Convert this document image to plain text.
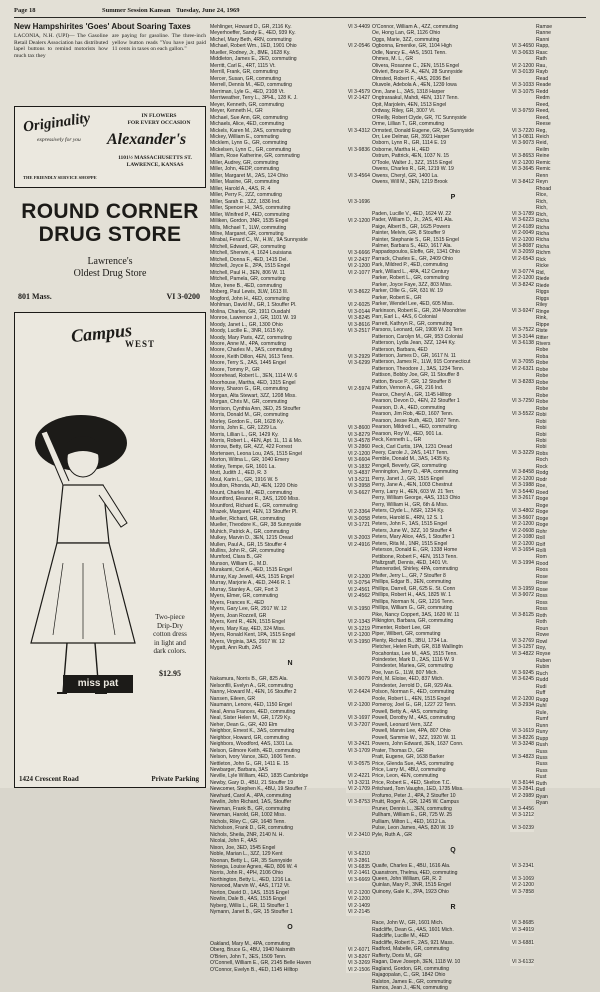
Page 18	Summer Session Kansan Tuesday, June 24, 1969
New Hampshirites 'Goes' About Soaring Taxes
LACONIA, N.H. (UPI)— The Gasoline Retail Dealers Association has distributed lapel buttons to remind motorists how much tax they
are paying for gasoline. The three-inch yellow button reads "You have just paid 11 cents in taxes on each gallon."
Originality	IN FLOWERS
FOR EVERY OCCASION
expressively for you Alexander's
1101½ MASSACHUSETTS ST.
LAWRENCE, KANSAS
THE FRIENDLY SERVICE SHOPPE
ROUND CORNER
DRUG STORE
Lawrence's
Oldest Drug Store
801 Mass.	VI 3-0200
Campus
WEST
Two-piece
Drip-Dry
cotton dress
in light and
dark colors.
miss pat
$12.95
1424 Crescent Road	Private Parking
Mehlinger, Howard D., GR, 2116 Ky.	VI 3-4409
Meyerhoeffer, Sandy E., 4ED, 939 Ky.
Michel, Mary Beth, 4RN, commuting
Michael, Robert Wm., 1ED, 1901 Ohio	VI 2-0546
Mueller, Rodney, Jr., 8ME, 1628 Ky.
Middleton, James E., 2ED, commuting
Merritt, Carl E., 4RT, 1115 Vt.
Merrill, Frank, GR, commuting
Mercer, Susan, GR, commuting
Merrell, Dennis M., 4ED, commuting
Merriman, Lyle G., 4ED, 2108 Vt.	VI 3-4579
Merriweather, Terry L., 3PHL, 128 K. J.	VI 2-1427
Meyer, Kenneth, GR, commuting
Meyer, Kenneth H., GR
Michael, Sue Ann, GR, commuting
Michaels, Alice, 4ED, commuting
Mickels, Karen M., 2AS, commuting	VI 3-4312
Mickey, William E., commuting
Micklem, Lynn G., GR, commuting
Mickelsen, Lynn C., GR, commuting	VI 3-9836
Milam, Rose Katherine, GR, commuting
Miller, Audrey, GR, commuting
Miller, John, 4EDP, commuting
Miller, Margaret M., 2AS, 124 Ohio	VI 3-4564
Miller, Maxine, GR, commuting
Miller, Harold A., 4AS, R. 4
Miller, Perry F., 2ZZ, commuting
Miller, Sarah E., 3ZZ, 1836 Ind.	VI 3-1696
Miller, Spencer H., 3AS, commuting
Miller, Winifred P., 4ED, commuting
Milliken, Gordon, 3NR, 1535 Engel	VI 2-1200
Mills, Michael T., 1LW, commuting
Milne, Margaret, GR, commuting
Mirabal, Ferard C., W., H.W., 9A Sunnyside
Mitchell, Edward, GR, commuting
Mitchell, Sherwin, 4, 1624 Louisiana	VI 3-6666
Mitchell, Donna F., 4ED, 1415 Del.	VI 2-2437
Mitchell, Joyce E., 2PA, 1515 Engel	VI 2-1200
Mitchell, Paul H., 3EN, 806 W. 11	VI 2-1077
Mitchell, Pamela, GR, commuting
Mize, Irene B., 4ED, commuting
Moberg, Paul Lewis, 3LW, 1613 Ill.	VI 3-8622
Mogford, John H., 4ED, commuting
Mohlman, David M., GR, 1 Stouffer Pl.	VI 2-6025
Molina, Charles, GR, 1911 Ousdahl	VI 3-0144
Monroe, Lawrence J., GR, 1101 W. 19	VI 3-8245
Moody, Janet L., GR, 1300 Ohio	VI 3-8616
Moody, Lucille E., 3NR, 1615 Ky.	VI 3-2517
Moody, Mary Paris, 4ZZ, commuting
Moore, Anne M., 4PA, commuting
Moore, Charles M., 3AS, commuting
Moore, Keith Dillon, 4EN, 1613 Tenn.	VI 3-2929
Moore, Terry S., 2AS, 1445 Engel	VI 3-6299
Moore, Tommy P., GR
Moorehead, Robert L., 3EN, 1114 W. 6
Moorhouse, Martha, 4ED, 1315 Engel
Morey, Sharon G., GR, commuting	VI 2-5974
Morgan, Alta Stewart, 3ZZ, 1208 Miss.
Morgan, Chris M., GR, commuting
Morrison, Cynthia Ann, 3ED, 25 Stouffer
Morris, Donald M., GR, commuting
Morley, Gordon E., GR, 1628 Ky.
Morris, John E., GR, 1229 La.	VI 3-8600
Morris, Lillian L., GR, 1429 Ky.	VI 3-8279
Morris, Robert L., 4EN, Apt. 1L, 11 & Mo.	VI 3-4578
Morrow, Betty, GR, 4ZZ, 422 Forrest	VI 3-2860
Mortensen, Leona Lou, 2AS, 1515 Engel	VI 2-1200
Morton, Wilma L., GR, 1040 Emery	VI 3-6604
Motley, Tempe, GR, 1601 La.	VI 3-1832
Mott, Judith J., 4ED, R. 3	VI 3-4837
Moul, Karin L., GR, 1916 W. 5	VI 3-5211
Moulton, Rhonda, AD, 4EN, 1220 Ohio	VI 3-3958
Mount, Charles M., 4ED, commuting	VI 3-6627
Mountford, Eleanor R., 3AS, 1200 Miss.
Mountford, Richard E., GR, commuting
Mrazek, Margaret, 4EN, 13 Stouffer Pl.	VI 2-3364
Mueller, Richard, GR, commuting	VI 3-0058
Mueller, Theodore K., GR, 38 Sunnyside	VI 3-1721
Muhich, Patrick A., GR, commuting
Mulkey, Marvin D., 3EN, 1215 Oread	VI 3-2003
Mullen, Paul A., GR, 15 Stouffer 4	VI 2-4916
Mullins, John R., GR, commuting
Mumford, Clara B., GR
Munson, William G., M.D.
Murakami, Cori A., 4ED, 1515 Engel
Murray, Kay Jewell, 4AS, 1515 Engel	VI 2-1200
Murray, Marjorie A., 4ED, 2446 R. 1	VI 3-0754
Murray, Stanley A., GR, Fort 3	VI 2-4561
Myers, Elmer, GR, commuting	VI 2-4562
Myers, Frances K., 4ED
Myers, Gary Lee, GR, 2917 W. 12	VI 3-1950
Myers, Joan Rozzell, GR
Myers, Kent R., 4EN, 1515 Engel	VI 2-1343
Myers, Mary Kay, 4ED, 324 Miss.	VI 3-1219
Myers, Ronald Kent, 1PA, 1515 Engel	VI 2-1200
Myers, Virginia, 3AS, 2917 W. 12	VI 3-1950
Mygatt, Ann Ruth, 2AS
N
Nakamura, Norris B., GR, 825 Ala.	VI 3-9079
Nelsonfili, Evelyn A., GR, commuting
Nanny, Howard M., 4EN, 16 Stouffer 2	VI 2-6424
Nansen, Eileen, GR
Naumann, Lenore, 4ED, 1150 Engel	VI 2-1200
Neal, Anna Frances, 4ED, commuting
Neal, Sister Helen M., GR, 1729 Ky.	VI 3-1697
Neher, Dean G., GR, 420 Elm	VI 3-7207
Neighbor, Ernest K., 3AS, commuting
Neighbor, Howard, GR, commuting
Neighbors, Woodford, 4AS, 1301 La.	VI 3-2421
Nelson, Gilmore Keith, 4ED, commuting	VI 3-1709
Nelson, Ivory Vance, 3ED, 1606 Tenn.
Nettleton, John G., GR, 1411 E. 15	VI 3-0575
Newbarger, Barbara, 3AS
Neville, Lyle William, 4ED, 1835 Cambridge	VI 2-4221
Newby, Gary D., 4BU, 21 Stouffer 19	VI 3-3211
Newcomer, Stephen K., 4BU, 19 Stouffer 7	VI 2-1709
Newhard, Carol A., 4PA, commuting
Newlin, John Richard, 1AS, Stouffer	VI 3-8753
Newman, Frank B., GR, commuting
Newman, Harold, GR, 1002 Miss.
Nichols, Riley C., GR, 1648 Tenn.
Nicholson, Frank D., GR, commuting
Nichols, Sheila, 2NR, 2140 N. H.	VI 2-3410
Nicolai, John F., 4AS
Nixon, Joe, 3ED, 1545 Engel
Noble, Marian L., 3ZZ, 129 Kent	VI 3-6210
Noonan, Betty L., GR, 35 Sunnyside	VI 3-2861
Noriega, Louise Agnes, 4ED, 806 W. 4	VI 3-6835
Norris, John R., 4PH, 2106 Ohio	VI 2-1461
Northington, Betty L., 4ED, 1216 La.	VI 3-6669
Norwood, Marvin W., 4AS, 1712 Vt.
Norton, David D., 1AS, 1515 Engel	VI 2-1200
Nowlin, Dale B., 4AS, 1515 Engel	VI 2-1200
Nyberg, Willis L., GR, 11 Stouffer 1	VI 2-1409
Nymann, Janet B., GR, 15 Stouffer 1	VI 2-2145
O
Oakland, Mary M., 4PA, commuting
Oberg, Bruce G., 4BU, 1940 Naismith	VI 2-6071
O'Brien, John T., 3ES, 1509 Tenn.	VI 3-8267
O'Connell, William E., GR, 2145 Belle Haven	VI 3-3269
O'Connor, Evelyn B., 4ED, 1145 Hilltop	VI 2-1506
O'Connor, William A., 4ZZ, commuting
Oe, Hong Lan, GR, 1126 Ohio
Oggs, Marie, 3ZZ, commuting
Ogbonna, Emenike, GR, 1104 High	VI 3-4650
Odle, Nancy E., 4AS, 1501 Tenn.	VI 3-0633
Ohmes, M. L., GR
Olivera, Rosanne C., 2EN, 1515 Engel	VI 2-1200
Olivieri, Bruce R. A., 4EN, 28 Sunnyside	VI 3-0139
Olmsted, Robert F., 4AS, 2036 Bel
Oluwole, Adebola A., 4EN, 1239 Iowa	VI 3-1033
Onn, Jane L., 3AS, 1318 Harper	VI 3-1075
Ongtraraakul, Mahdi, 4EN, 1317 Tenn.
Opit, Marjolein, 4EN, 1513 Engel
Ordway, Riley, GR, 3007 Vt.	VI 3-9759
O'Reilly, Robert Clyde, GR, 7C Sunnyside
Orme, Lillian T., GR, commuting
Ormsted, Donald Eugene, GR, 3A Sunnyside	VI 3-7220
Orr, Lee Delmar, GR, 3921 Harper	VI 3-0811
Osborn, Lynn R., GR, 1114 E. 19	VI 3-9073
Osborne, Martha H., 4ED
Ostrum, Pattrick, 4EN, 1037 N. 15	VI 3-8653
O'Toole, Walter J., 3ZZ, 1515 Engel	VI 2-1200
Owens, Charles R., GR, 1219 W. 19	VI 3-3645
Owens, Cheryl, GR, 1400 La.
Owens, Will M., 3EN, 1219 Brook	VI 3-8412
P
Paden, Lucille V., 4ED, 1624 W. 22	VI 3-1789
Pader, William D., Jr., 2AS, 401 Ala.	VI 3-6223
Paige, Albert B., GR, 1625 Powers	VI 2-6189
Painter, Melvin, GR, 8 Stouffer 9	VI 2-0049
Painter, Stephanie S., GR, 1515 Engel	VI 2-1200
Palmer, Barbara S., 4ED, 1617 Ala.	VI 3-8087
Pappadopoulos, Eloffe, GR, 1341 Ohio	VI 3-2059
Parrack, Charles E., GR, 2409 Ohio	VI 2-6543
Park, Mildred P., 4ED, commuting
Park, Willard L., 4PA, 412 Century	VI 3-0774
Parker, Robert L., GR, commuting	VI 2-1200
Parker, Joyce Faye, 3ZZ, 803 Miss.	VI 3-8242
Parker, Ollie G., GR, 631 W. 19
Parker, Robert E., GR
Parker, Wendel Lee, 4ED, 605 Miss.
Parkinson, Robert E., GR, 204 Moondrive	VI 3-9247
Parr, Earl L., 4AS, 6 Colonial
Parrett, Kathryn R., GR, commuting
Parsons, Leonard, GR, 1908 W. 21 Tern	VI 3-7522
Patterson, Carolyn M., GR, 953 Colonial	VI 3-3144
Patterson, Lydia Jean, 3ZZ, 1244 Ky.	VI 3-6138
Patterson, Barbara, 4ED
Patterson, James D., GR, 1617 N. 11
Patterson, James R., 1LW, 915 Connecticut	VI 3-7055
Patterson, Theodore J., 3AS, 1234 Tenn.	VI 2-6321
Pattison, Bobby Joe, GR, 11 Stouffer 8
Patton, Bruce P., GR, 12 Stouffer 8	VI 3-8283
Patton, Vernon A., GR, 216 Ind.
Pearce, Cheryl A., GR, 1145 Hilltop
Pearson, Devon D., 4EN, 22 Stouffer 1	VI 3-7250
Pearson, D. A., 4ED, commuting
Pearson, Jim Rob, 4ED, 1607 Tenn.	VI 3-5522
Pearson, Jesse Ruth, 4ED, 1607 Tenn.
Pearson, Mildred L., 4ED, commuting
Pearson, Roy W., 4ED, 901 La.
Peck, Kenneth L., GR
Peck, Carl Curtis, 1PA, 1231 Oread
Peery, Carole J., 2AS, 1417 Tenn.	VI 3-3229
Pemble, Donald M., 3AS, 1435 Ky.
Pengell, Beverly, GR, commuting
Pennington, Jerry D., 4PA, commuting	VI 3-8458
Perry, Janet J., GR, 1515 Engel	VI 2-1200
Perry, Jane A., 4EN, 1003 Chestnut	VI 3-1988
Perry, Larry H., 4EN, 603 W. 21 Terr.	VI 3-5440
Perry, William George, 4AS, 1313 Ohio	VI 3-2617
Perry, William H., GR, 6th & Miss.
Peters, Clyde L., NSR, 1234 Ky.	VI 3-4802
Peters, Harold E., 4RN, 12 S. 1	VI 3-5607
Peters, John F., 1AS, 1515 Engel	VI 2-1200
Peters, June W., 3ZZ, 10 Stouffer 4	VI 2-0608
Peters, Mary Alice, 4AS, 1 Stouffer 1	VI 2-1080
Peters, Rita M., 1NR, 1515 Engel	VI 2-1200
Peterson, Donald E., GR, 1338 Home	VI 3-1654
Pettibone, Robert F., 4EN, 1513 Tenn.
Pfaltzgraff, Dennis, 4ED, 1401 Vt.	VI 3-1994
Pfannenstiel, Shirley, 4PA, commuting
Pfeifer, Jerry L., GR, 7 Stouffer 8
Phillips, Edgar B., 3EN, commuting
Phillips, Darrell, GR, 625 E. St. Conn	VI 3-1959
Phillips, Robert H., 4AS, 1825 W. 1	VI 3-9072
Phillips, Norman N., GR, 1216 Tenn.
Phillips, William G., GR, commuting
Pike, Nancy Coppert, 3AS, 1620 W. 11	VI 3-8125
Pilkington, Barbara, GR, commuting
Pimenter, Robert Lee, GR
Piper, Wilbert, GR, commuting
Plenty, Richard B., 3BU, 1734 La.	VI 3-2769
Pletcher, Helen Ruth, GR, 818 Wallingtn	VI 3-1257
Pocahontas, Lee M., 4AS, 1515 Tenn.	VI 3-4822
Poindexter, Mark D., 2AS, 1116 W. 9
Poindexter, Mariea, GR, commuting
Poe, Ivan G., 1LW, 807 Mich.	VI 3-9245
Pohl, M. Eloise, 4ED, 837 Mich.	VI 3-6245
Poindexter, Jerrold D., GR, 929 Ala.
Polson, Norman F., 4ED, commuting
Poole, Robert L., 4EN, 1515 Engel	VI 2-1200
Pomeroy, Joel G., GR, 1227 22 Tenn.	VI 3-2934
Powell, Betty A., 4AS, commuting
Powell, Dorothy M., 4AS, commuting
Powell, Leonard Vern, 3ZZ
Powell, Marvin Lee, 4PA, 807 Ohio	VI 3-1619
Powell, Sammie W., 3ZZ, 1920 W. 11	VI 3-8226
Powers, John Edward, 3EN, 1637 Conn.	VI 3-3248
Prater, Thomas D., GR
Pratt, Eugene, GR, 1638 Barker	VI 3-4823
Price, Glenda Sue, 4AS, commuting
Price, Larry M., 4BU, commuting
Price, Leon, 4EN, commuting
Price, Robert E., 4ED, Skelton T.C.	VI 3-8144
Pritchard, Tom Vaughn, 1ED, 1735 Miss.	VI 3-2841
Profumo, Peter J., 4PA, 2 Stouffer 10	VI 2-3989
Pruitt, Roger A., GR, 1245 W. Campus
Pruner, Dennis L., 3EN, commuting	VI 3-4456
Pullham, William E., GR, 725 W. 25	VI 3-1212
Pulliam, Milton L., 4ED, 1612 La.
Pulse, Leon James, 4AS, 820 W. 19	VI 3-0239
Pyle, Ruth A., GR
Q
Quaife, Charles E., 4BU, 1616 Ala.	VI 3-2341
Quanstrom, Thelma, 4ED, commuting
Queen, John William, GR, R. 2	VI 3-1069
Quinlan, Mary P., 3NR, 1515 Engel	VI 2-1200
Quinony, Gale K., 2PA, 1923 Ohio	VI 3-7858
R
Race, John W., GR, 1601 Mich.	VI 3-8685
Radcliffe, Dean G., 4AS, 1601 Mich.	VI 3-4919
Radcliffe, Lucille M., 4ED
Radcliffe, Robert F., 2AS, 921 Mass.	VI 3-6881
Radford, Mabelle, GR, commuting
Rafferty, Doris M., GR
Ragan, Dave Joseph, 3EN, 1118 W. 10	VI 3-6132
Ragland, Gordon, GR, commuting
Rajagopalan, C., GR, 1842 Ohio
Ralston, James E., GR, commuting
Ramos, Jean J., 4EN, commuting
Ramse
Ranne
Ranni
Rapp,
Rasc
Rath
Rau,
Rayb
Read
Reade
Redd
Redm
Reed,
Reed,
Reed,
Reese
Reg,
Reich
Reid,
Reilm
Reine
Remic
Remic
Renn
Reyn
Rhoad
Rice,
Rich,
Rich,
Rich,
Richa
Richa
Richa
Richa
Richa
Richm
Rick
Ricke
Rid,
Riede
Riede
Riggs
Riggs
Riley
Ringe
Rink,
Rippe
Riste
Ritter
Rivers
Robe
Roba
Robe
Robe
Robe
Robe
Robe
Robe
Robe
Robe
Robi
Robi
Robi
Robi
Robi
Robi
Robs
Roch
Rock
Rodg
Rodr
Roe,
Roed
Roge
Roge
Roge
Roge
Roge
Rohr
Roll
Rolf
Rolli
Rom
Rood
Roos
Rose
Rose
Rose
Ross
Ross
Ross
Roth
Roth
Roun
Rowe
Rowl
Roy,
Royse
Ruben
Rubin
Ruch
Rudd
Rudi
Ruff
Rugg
Ruhl
Rule,
Rumf
Runn
Runy
Rupp
Rush
Russ
Russ
Russ
Russ
Rust
Ruth
Rutl
Ryan
Ryan
